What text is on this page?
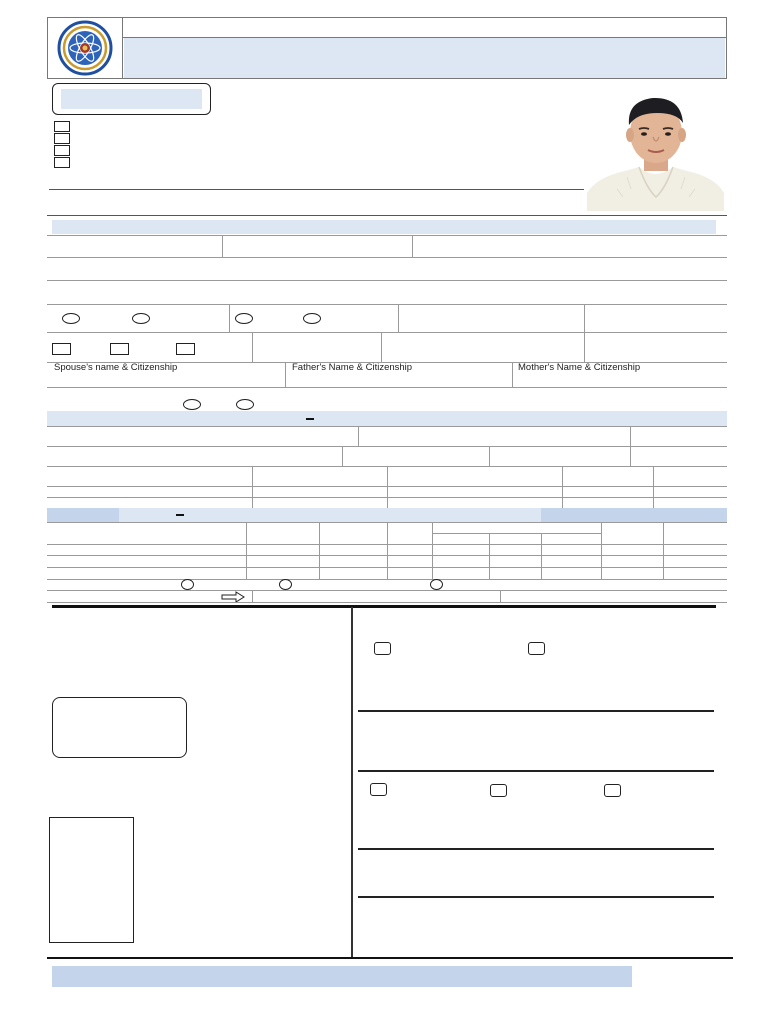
Spouse's name & Citizenship	Father's Name & Citizenship	Mother's Name & Citizenship
